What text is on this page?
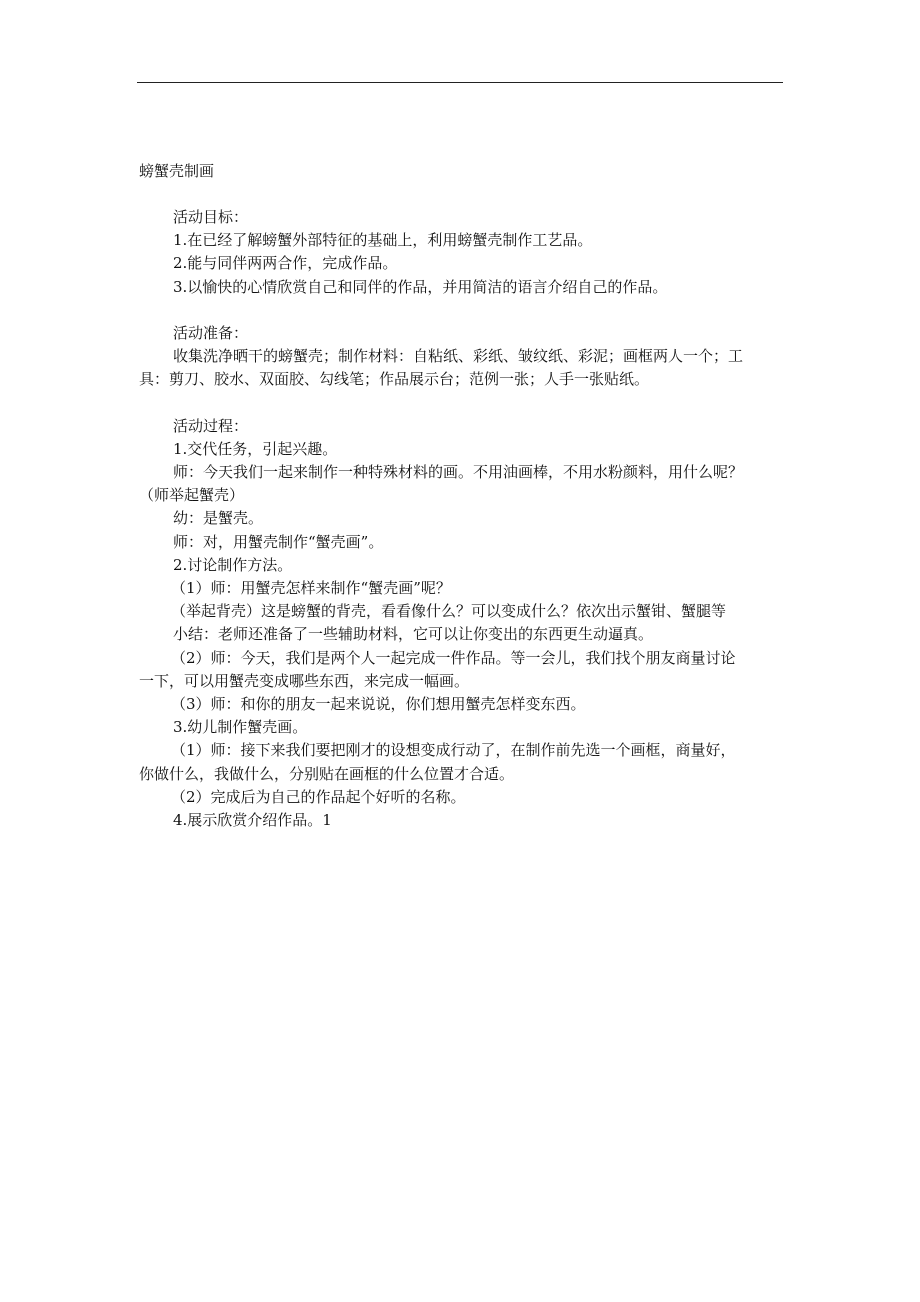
螃蟹壳制画
活动目标：
1.在已经了解螃蟹外部特征的基础上，利用螃蟹壳制作工艺品。
2.能与同伴两两合作，完成作品。
3.以愉快的心情欣赏自己和同伴的作品，并用简洁的语言介绍自己的作品。
活动准备：
收集洗净晒干的螃蟹壳；制作材料：自粘纸、彩纸、皱纹纸、彩泥；画框两人一个；工
具：剪刀、胶水、双面胶、勾线笔；作品展示台；范例一张；人手一张贴纸。
活动过程：
1.交代任务，引起兴趣。
师：今天我们一起来制作一种特殊材料的画。不用油画棒，不用水粉颜料，用什么呢？
（师举起蟹壳）
幼：是蟹壳。
师：对，用蟹壳制作“蟹壳画”。
2.讨论制作方法。
（1）师：用蟹壳怎样来制作“蟹壳画”呢？
（举起背壳）这是螃蟹的背壳，看看像什么？可以变成什么？依次出示蟹钳、蟹腿等
小结：老师还准备了一些辅助材料，它可以让你变出的东西更生动逼真。
（2）师：今天，我们是两个人一起完成一件作品。等一会儿，我们找个朋友商量讨论
一下，可以用蟹壳变成哪些东西，来完成一幅画。
（3）师：和你的朋友一起来说说，你们想用蟹壳怎样变东西。
3.幼儿制作蟹壳画。
（1）师：接下来我们要把刚才的设想变成行动了，在制作前先选一个画框，商量好，
你做什么，我做什么，分别贴在画框的什么位置才合适。
（2）完成后为自己的作品起个好听的名称。
4.展示欣赏介绍作品。1
